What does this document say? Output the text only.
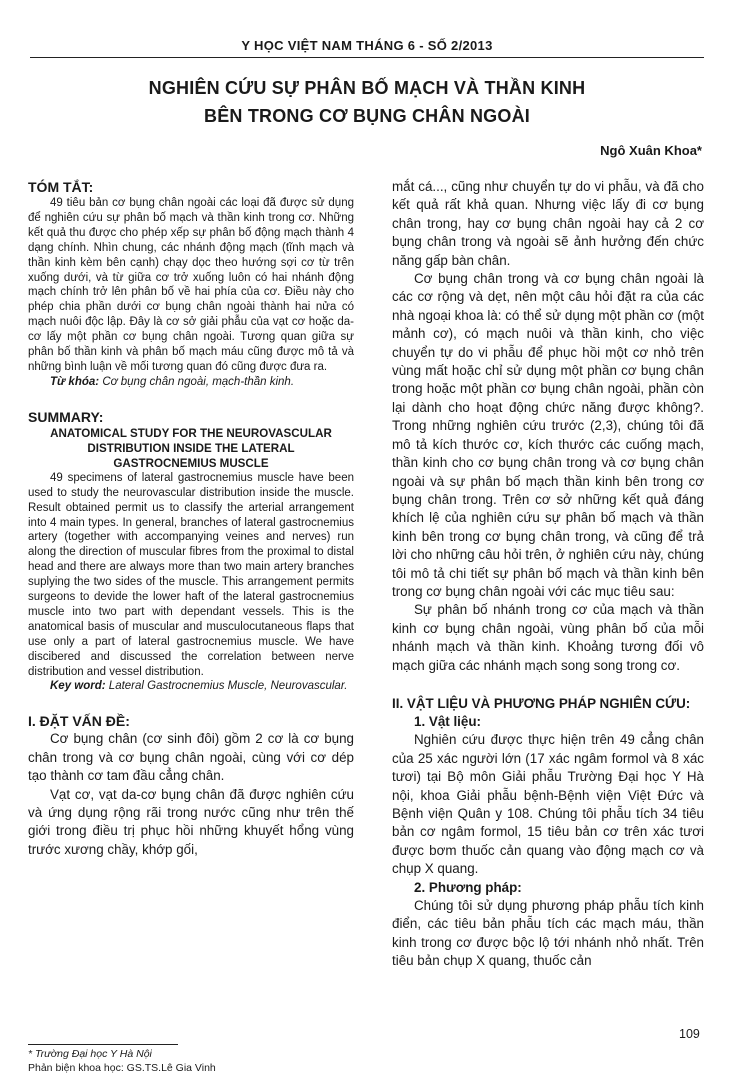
Y HỌC VIỆT NAM THÁNG 6 - SỐ 2/2013
NGHIÊN CỨU SỰ PHÂN BỐ MẠCH VÀ THẦN KINH
BÊN TRONG CƠ BỤNG CHÂN NGOÀI
Ngô Xuân Khoa*

TÓM TẮT:

49 tiêu bản cơ bụng chân ngoài các loại đã được sử dụng để nghiên cứu sự phân bố mạch và thần kinh trong cơ. Những kết quả thu được cho phép xếp sự phân bố động mạch thành 4 dạng chính. Nhìn chung, các nhánh động mạch (tĩnh mạch và thần kinh kèm bên cạnh) chạy dọc theo hướng sợi cơ từ trên xuống dưới, và từ giữa cơ trở xuống luôn có hai nhánh động mạch chính trở lên phân bố về hai phía của cơ. Điều này cho phép chia phần dưới cơ bụng chân ngoài thành hai nửa có mạch nuôi độc lập. Đây là cơ sở giải phẫu của vạt cơ hoặc da-cơ lấy một phần cơ bụng chân ngoài. Tương quan giữa sự phân bố thần kinh và phân bố mạch máu cũng được mô tả và những bình luận về mối tương quan đó cũng được đưa ra.

Từ khóa: Cơ bụng chân ngoài, mạch-thần kinh.

SUMMARY:

ANATOMICAL STUDY FOR THE NEUROVASCULAR

DISTRIBUTION INSIDE THE LATERAL

GASTROCNEMIUS MUSCLE

49 specimens of lateral gastrocnemius muscle have been used to study the neurovascular distribution inside the muscle. Result obtained permit us to classify the arterial arrangement into 4 main types. In general, branches of lateral gastrocnemius artery (together with accompanying veines and nerves) run along the direction of muscular fibres from the proximal to distal head and there are always more than two main artery branches suplying the two sides of the muscle. This arrangement permits surgeons to devide the lower haft of the lateral gastrocnemius muscle into two part with dependant vessels. This is the anatomical basis of muscular and musculocutaneous flaps that use only a part of lateral gastrocnemius muscle. We have discibered and discussed the correlation between nerve distribution and vessel distribution.

Key word: Lateral Gastrocnemius Muscle, Neurovascular.

I. ĐẶT VẤN ĐỀ:

Cơ bụng chân (cơ sinh đôi) gồm 2 cơ là cơ bụng chân trong và cơ bụng chân ngoài, cùng với cơ dép tạo thành cơ tam đầu cẳng chân.

Vạt cơ, vạt da-cơ bụng chân đã được nghiên cứu và ứng dụng rộng rãi trong nước cũng như trên thế giới trong điều trị phục hồi những khuyết hổng vùng trước xương chầy, khớp gối,

mắt cá..., cũng như chuyển tự do vi phẫu, và đã cho kết quả rất khả quan. Nhưng việc lấy đi cơ bụng chân trong, hay cơ bụng chân ngoài hay cả 2 cơ bụng chân trong và ngoài sẽ ảnh hưởng đến chức năng gấp bàn chân.

Cơ bụng chân trong và cơ bụng chân ngoài là các cơ rộng và dẹt, nên một câu hỏi đặt ra của các nhà ngoại khoa là: có thể sử dụng một phần cơ (một mảnh cơ), có mạch nuôi và thần kinh, cho việc chuyển tự do vi phẫu để phục hồi một cơ nhỏ trên vùng mất hoặc chỉ sử dụng một phần cơ bụng chân trong hoặc một phần cơ bụng chân ngoài, phần còn lại dành cho hoạt động chức năng được không?. Trong những nghiên cứu trước (2,3), chúng tôi đã mô tả kích thước cơ, kích thước các cuống mạch, thần kinh cho cơ bụng chân trong và cơ bụng chân ngoài và sự phân bố mạch thần kinh bên trong cơ bụng chân trong. Trên cơ sở những kết quả đáng khích lệ của nghiên cứu sự phân bố mạch và thần kinh bên trong cơ bụng chân trong, và cũng để trả lời cho những câu hỏi trên, ở nghiên cứu này, chúng tôi mô tả chi tiết sự phân bố mạch và thần kinh bên trong cơ bụng chân ngoài với các mục tiêu sau:

Sự phân bố nhánh trong cơ của mạch và thần kinh cơ bụng chân ngoài, vùng phân bố của mỗi nhánh mạch và thần kinh. Khoảng tương đối vô mạch giữa các nhánh mạch song song trong cơ.

II. VẬT LIỆU VÀ PHƯƠNG PHÁP NGHIÊN CỨU:

1. Vật liệu:

Nghiên cứu được thực hiện trên 49 cẳng chân của 25 xác người lớn (17 xác ngâm formol và 8 xác tươi) tại Bộ môn Giải phẫu Trường Đại học Y Hà nội, khoa Giải phẫu bệnh-Bệnh viện Việt Đức và Bệnh viện Quân y 108. Chúng tôi phẫu tích 34 tiêu bản cơ ngâm formol, 15 tiêu bản cơ trên xác tươi được bơm thuốc cản quang vào động mạch cơ và chụp X quang.

2. Phương pháp:

Chúng tôi sử dụng phương pháp phẫu tích kinh điển, các tiêu bản phẫu tích các mạch máu, thần kinh trong cơ được bộc lộ tới nhánh nhỏ nhất. Trên tiêu bản chụp X quang, thuốc cản

109
* Trường Đại học Y Hà Nội
Phản biện khoa học: GS.TS.Lê Gia Vinh
